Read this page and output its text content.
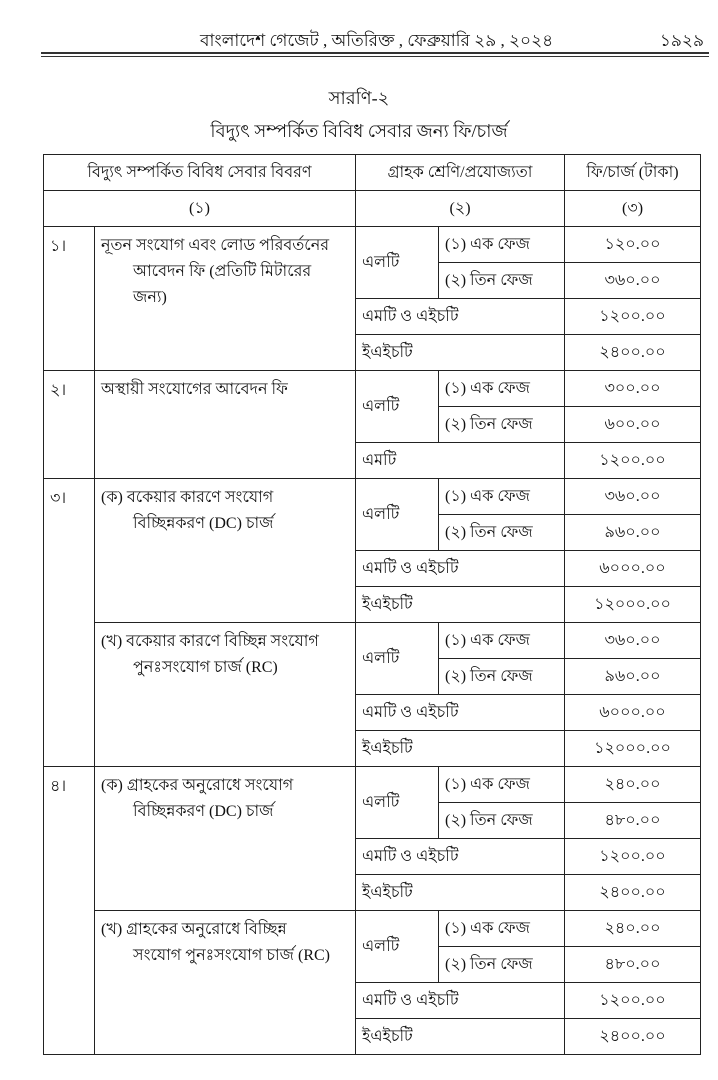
বাংলাদেশ গেজেট , অতিরিক্ত , ফেব্রুয়ারি ২৯ , ২০২৪	১৯২৯
সারণি-২
বিদ্যুৎ সম্পর্কিত বিবিধ সেবার জন্য ফি/চার্জ
বিদ্যুৎ সম্পর্কিত বিবিধ সেবার বিবরণ		গ্রাহক শ্রেণি/প্রযোজ্যতা		ফি/চার্জ (টাকা)
(১)		(২)		(৩)
১।	নূতন সংযোগ এবং লোড পরিবর্তনের
আবেদন ফি (প্রতিটি মিটারের জন্য)	এলটি	(১) এক ফেজ	১২০.০০
			(২) তিন ফেজ	৩৬০.০০
		এমটি ও এইচটি		১২০০.০০
		ইএইচটি		২৪০০.০০
২।	অস্থায়ী সংযোগের আবেদন ফি	এলটি	(১) এক ফেজ	৩০০.০০
			(২) তিন ফেজ	৬০০.০০
		এমটি		১২০০.০০
৩।	(ক) বকেয়ার কারণে সংযোগ
বিচ্ছিন্নকরণ (DC) চার্জ	এলটি	(১) এক ফেজ	৩৬০.০০
			(২) তিন ফেজ	৯৬০.০০
		এমটি ও এইচটি		৬০০০.০০
		ইএইচটি		১২০০০.০০

	(খ) বকেয়ার কারণে বিচ্ছিন্ন সংযোগ
পুনঃসংযোগ চার্জ (RC)	এলটি	(১) এক ফেজ	৩৬০.০০
			(২) তিন ফেজ	৯৬০.০০
		এমটি ও এইচটি		৬০০০.০০
		ইএইচটি		১২০০০.০০
৪।	(ক) গ্রাহকের অনুরোধে সংযোগ
বিচ্ছিন্নকরণ (DC) চার্জ	এলটি	(১) এক ফেজ	২৪০.০০
			(২) তিন ফেজ	৪৮০.০০
		এমটি ও এইচটি		১২০০.০০
		ইএইচটি		২৪০০.০০

	(খ) গ্রাহকের অনুরোধে বিচ্ছিন্ন
সংযোগ পুনঃসংযোগ চার্জ (RC)	এলটি	(১) এক ফেজ	২৪০.০০
			(২) তিন ফেজ	৪৮০.০০
		এমটি ও এইচটি		১২০০.০০
		ইএইচটি		২৪০০.০০
